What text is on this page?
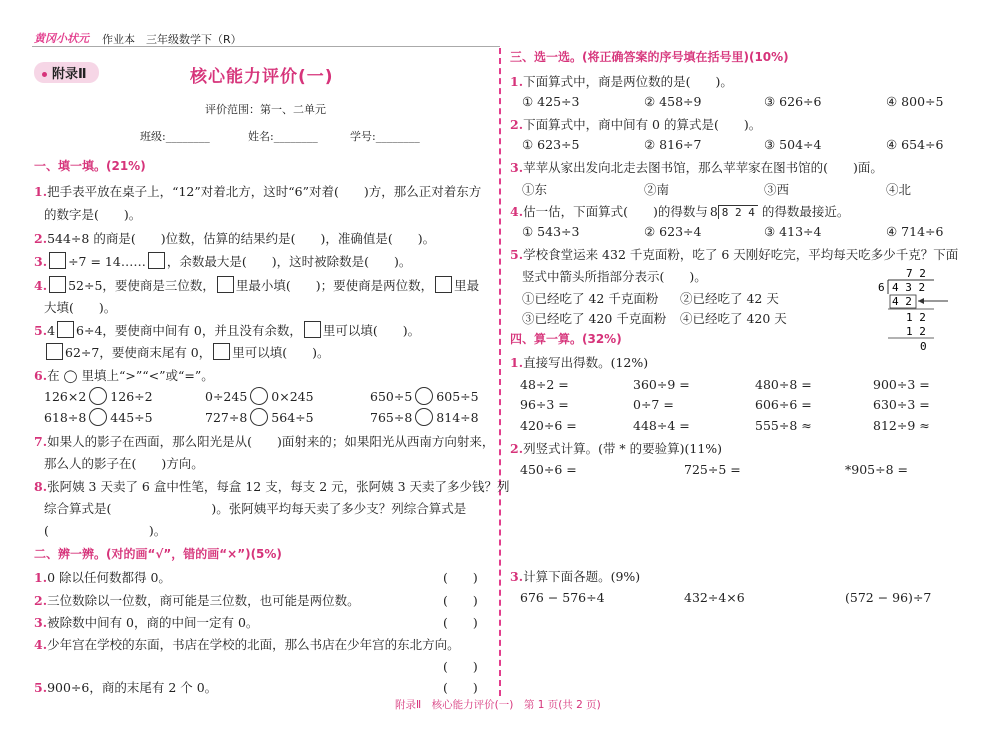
黄冈小状元 作业本 三年级数学下（R）
附录Ⅱ	核心能力评价(一)
评价范围：第一、二单元
班级:________	姓名:________	学号:________
一、填一填。(21%)
1.把手表平放在桌子上，“12”对着北方，这时“6”对着(　　)方，那么正对着东方
的数字是(　　)。
2.544÷8 的商是(　　)位数，估算的结果约是(　　)，准确值是(　　)。
3. ÷7 = 14…… ，余数最大是(　　)，这时被除数是(　　)。
4. 52÷5，要使商是三位数， 里最小填(　　)；要使商是两位数， 里最
大填(　　)。
5.4 6÷4，要使商中间有 0，并且没有余数， 里可以填(　　)。
62÷7，要使商末尾有 0， 里可以填(　　)。
6.在 ◯ 里填上“>”“<”或“=”。
126×2 126÷2	0÷245 0×245	650÷5 605÷5
618÷8 445÷5	727÷8 564÷5	765÷8 814÷8
7.如果人的影子在西面，那么阳光是从(　　)面射来的；如果阳光从西南方向射来，
那么人的影子在(　　)方向。
8.张阿姨 3 天卖了 6 盒中性笔，每盒 12 支，每支 2 元，张阿姨 3 天卖了多少钱？列
综合算式是(　　　　　　　　)。张阿姨平均每天卖了多少支？列综合算式是
(　　　　　　　　)。
二、辨一辨。(对的画“√”，错的画“×”)(5%)
1.0 除以任何数都得 0。	(　　)
2.三位数除以一位数，商可能是三位数，也可能是两位数。	(　　)
3.被除数中间有 0，商的中间一定有 0。	(　　)
4.少年宫在学校的东面，书店在学校的北面，那么书店在少年宫的东北方向。
(　　)
5.900÷6，商的末尾有 2 个 0。	(　　)
三、选一选。(将正确答案的序号填在括号里)(10%)
1.下面算式中，商是两位数的是(　　)。
① 425÷3	② 458÷9	③ 626÷6	④ 800÷5
2.下面算式中，商中间有 0 的算式是(　　)。
① 623÷5	② 816÷7	③ 504÷4	④ 654÷6
3.苹苹从家出发向北走去图书馆，那么苹苹家在图书馆的(　　)面。
①东	②南	③西	④北
4.估一估，下面算式(　　)的得数与 8 8 2 4 的得数最接近。
① 543÷3	② 623÷4	③ 413÷4	④ 714÷6
5.学校食堂运来 432 千克面粉，吃了 6 天刚好吃完，平均每天吃多少千克？下面
竖式中箭头所指部分表示(　　)。
①已经吃了 42 千克面粉 ②已经吃了 42 天
③已经吃了 420 千克面粉 ④已经吃了 420 天
7 2
6 4 3 2
4 2
1 2
1 2
0
四、算一算。(32%)
1.直接写出得数。(12%)
48÷2 =	360÷9 =	480÷8 =	900÷3 =
96÷3 =	0÷7 =	606÷6 =	630÷3 =
420÷6 =	448÷4 =	555÷8 ≈	812÷9 ≈
2.列竖式计算。(带 * 的要验算)(11%)
450÷6 =	725÷5 =	*905÷8 =
3.计算下面各题。(9%)
676 − 576÷4	432÷4×6	(572 − 96)÷7
附录Ⅱ　核心能力评价(一)　第 1 页(共 2 页)
